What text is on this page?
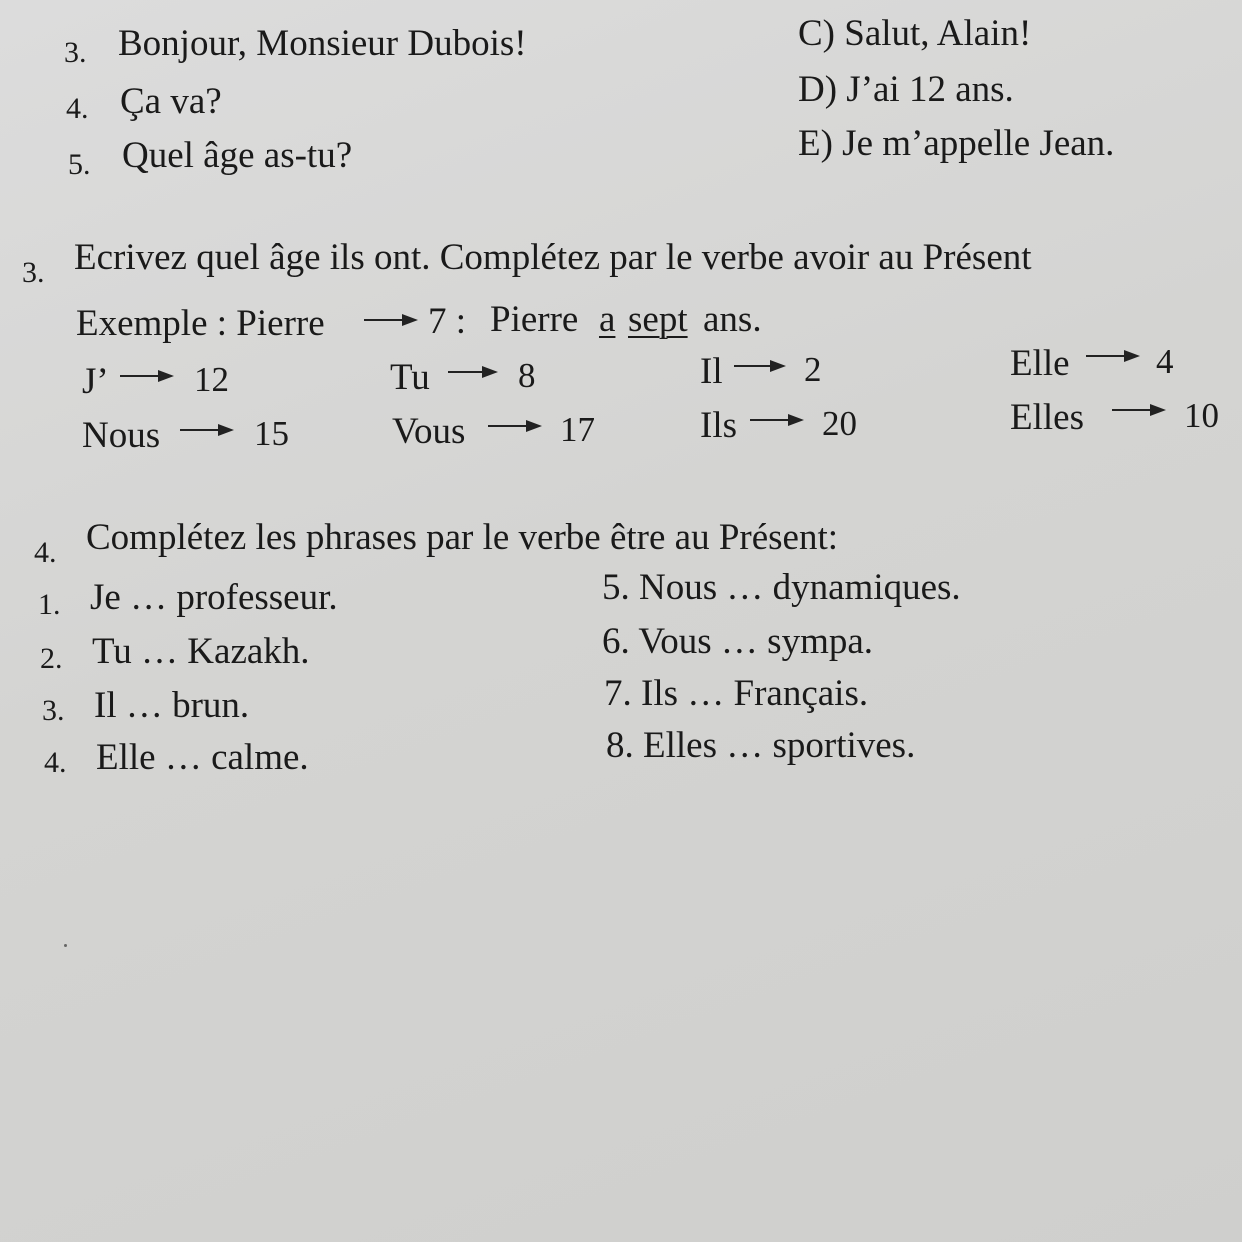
3. Bonjour, Monsieur Dubois!
4. Ça va?
5. Quel âge as-tu?
C) Salut, Alain!
D) J’ai 12 ans.
E) Je m’appelle Jean.
3. Ecrivez quel âge ils ont. Complétez par le verbe avoir au Présent
Exemple : Pierre	7 : Pierre a sept ans.
J’ 12	Tu	8	Il 2	Elle 4
Nous	15	Vous	17	Ils 20	Elles	10
4. Complétez les phrases par le verbe être au Présent:
1. Je … professeur.
2. Tu … Kazakh.
3. Il … brun.
4. Elle … calme.
5. Nous … dynamiques.
6. Vous … sympa.
7. Ils … Français.
8. Elles … sportives.
